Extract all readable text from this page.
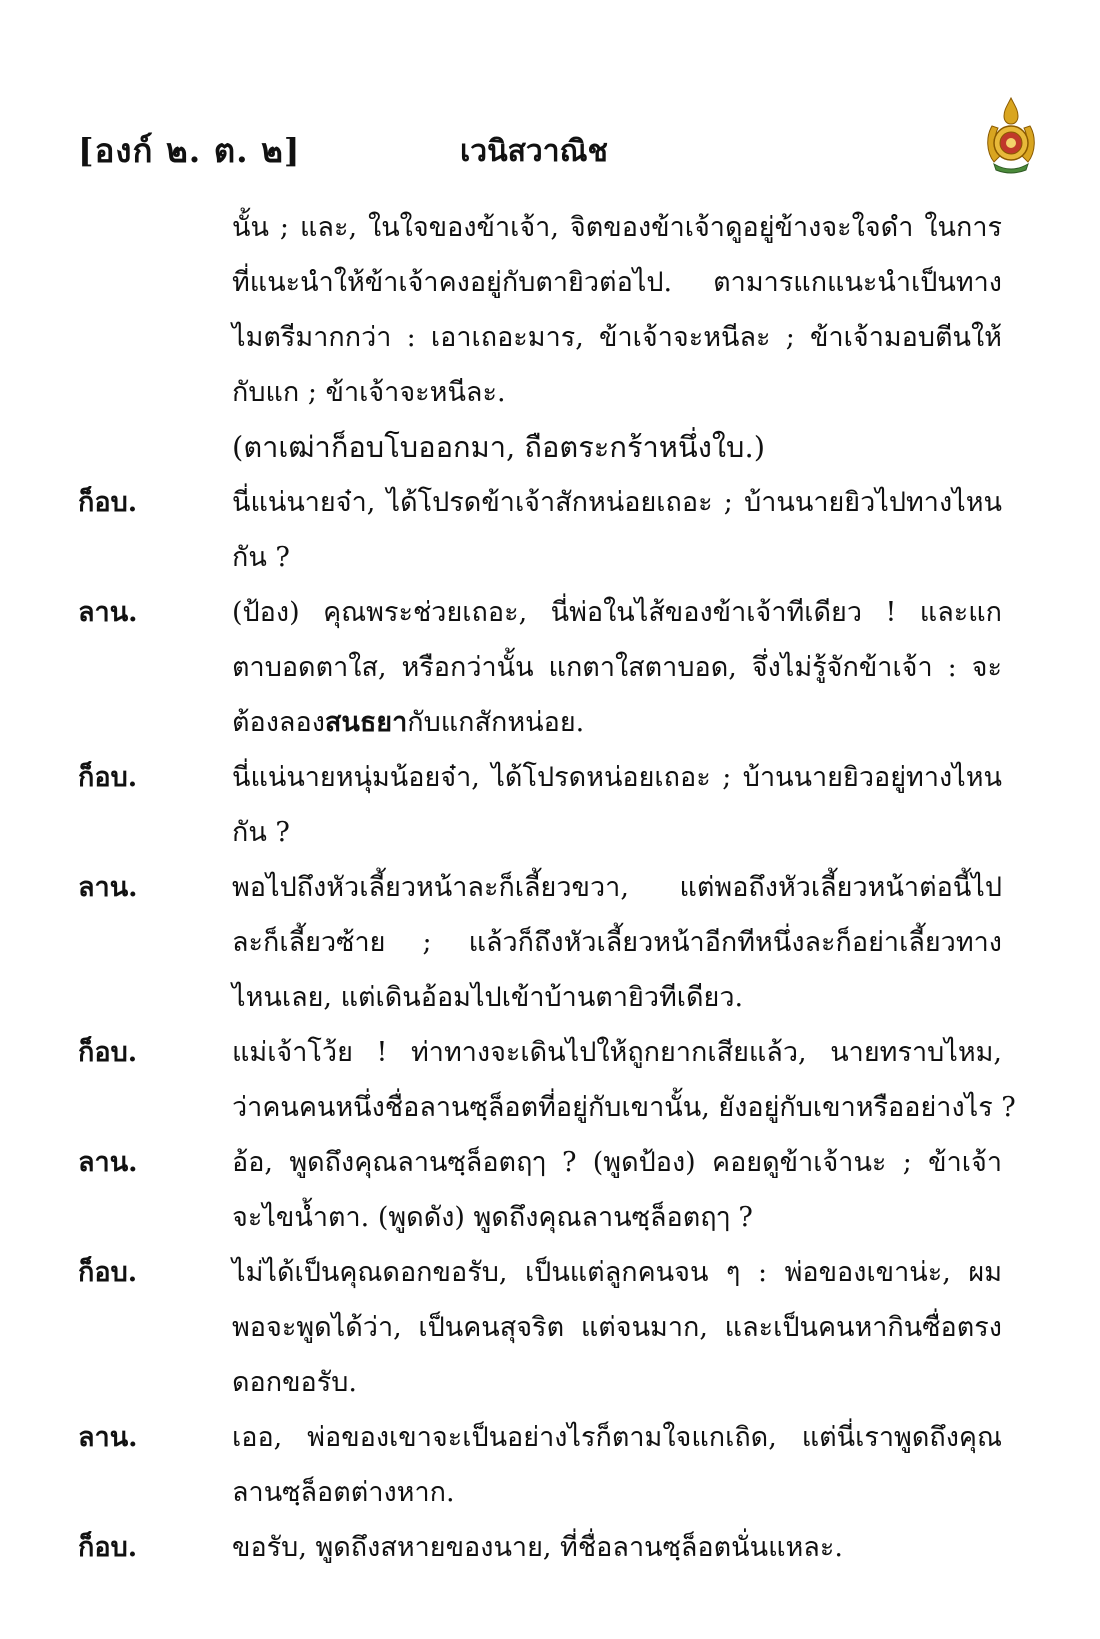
[องก์ ๒. ต. ๒]	เวนิสวาณิช
นั้น ; และ, ในใจของข้าเจ้า, จิตของข้าเจ้าดูอยู่ข้างจะใจดำ ในการ
ที่แนะนำให้ข้าเจ้าคงอยู่กับตายิวต่อไป. ตามารแกแนะนำเป็นทาง
ไมตรีมากกว่า : เอาเถอะมาร, ข้าเจ้าจะหนีละ ; ข้าเจ้ามอบตีนให้
กับแก ; ข้าเจ้าจะหนีละ.
(ตาเฒ่าก็อบโบออกมา, ถือตระกร้าหนึ่งใบ.)
ก็อบ.	นี่แน่นายจ๋า, ได้โปรดข้าเจ้าสักหน่อยเถอะ ; บ้านนายยิวไปทางไหน
กัน ?
ลาน.	(ป้อง) คุณพระช่วยเถอะ, นี่พ่อในไส้ของข้าเจ้าทีเดียว ! และแก
ตาบอดตาใส, หรือกว่านั้น แกตาใสตาบอด, จึ่งไม่รู้จักข้าเจ้า : จะ
ต้องลองสนธยากับแกสักหน่อย.
ก็อบ.	นี่แน่นายหนุ่มน้อยจ๋า, ได้โปรดหน่อยเถอะ ; บ้านนายยิวอยู่ทางไหน
กัน ?
ลาน.	พอไปถึงหัวเลี้ยวหน้าละก็เลี้ยวขวา, แต่พอถึงหัวเลี้ยวหน้าต่อนี้ไป
ละก็เลี้ยวซ้าย ; แล้วก็ถึงหัวเลี้ยวหน้าอีกทีหนึ่งละก็อย่าเลี้ยวทาง
ไหนเลย, แต่เดินอ้อมไปเข้าบ้านตายิวทีเดียว.
ก็อบ.	แม่เจ้าโว้ย ! ท่าทางจะเดินไปให้ถูกยากเสียแล้ว, นายทราบไหม,
ว่าคนคนหนึ่งชื่อลานซฺล็อตที่อยู่กับเขานั้น, ยังอยู่กับเขาหรืออย่างไร ?
ลาน.	อ้อ, พูดถึงคุณลานซฺล็อตฤๅ ? (พูดป้อง) คอยดูข้าเจ้านะ ; ข้าเจ้า
จะไขน้ำตา. (พูดดัง) พูดถึงคุณลานซฺล็อตฤๅ ?
ก็อบ.	ไม่ได้เป็นคุณดอกขอรับ, เป็นแต่ลูกคนจน ๆ : พ่อของเขาน่ะ, ผม
พอจะพูดได้ว่า, เป็นคนสุจริต แต่จนมาก, และเป็นคนหากินซื่อตรง
ดอกขอรับ.
ลาน.	เออ, พ่อของเขาจะเป็นอย่างไรก็ตามใจแกเถิด, แต่นี่เราพูดถึงคุณ
ลานซฺล็อตต่างหาก.
ก็อบ.	ขอรับ, พูดถึงสหายของนาย, ที่ชื่อลานซฺล็อตนั่นแหละ.
